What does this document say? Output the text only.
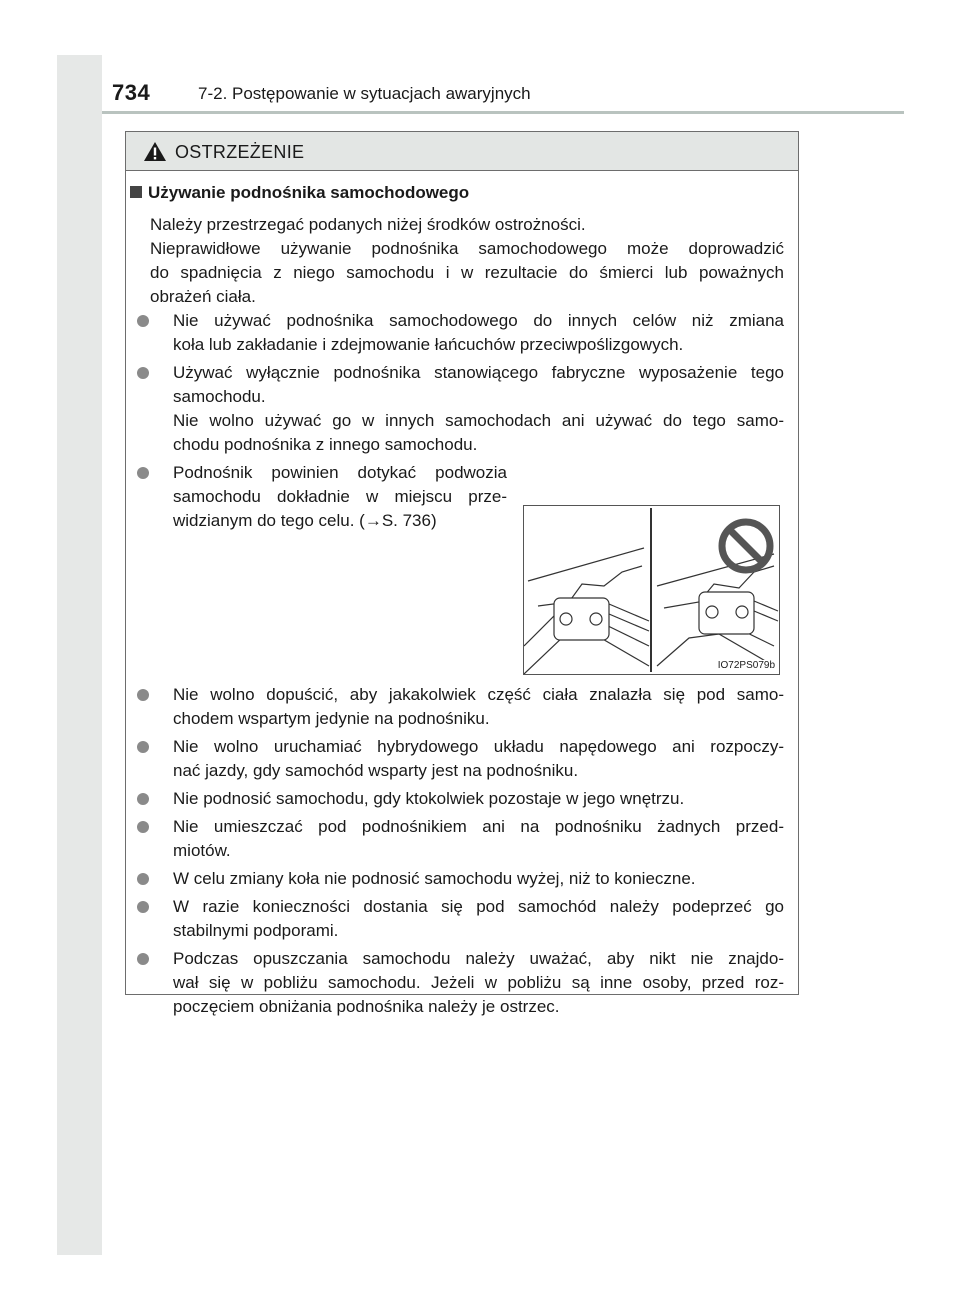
734	7-2. Postępowanie w sytuacjach awaryjnych
OSTRZEŻENIE
Używanie podnośnika samochodowego
Należy przestrzegać podanych niżej środków ostrożności.
Nieprawidłowe używanie podnośnika samochodowego może doprowadzić
do spadnięcia z niego samochodu i w rezultacie do śmierci lub poważnych
obrażeń ciała.
Nie używać podnośnika samochodowego do innych celów niż zmiana
koła lub zakładanie i zdejmowanie łańcuchów przeciwpoślizgowych.
Używać wyłącznie podnośnika stanowiącego fabryczne wyposażenie tego
samochodu.
Nie wolno używać go w innych samochodach ani używać do tego samo-
chodu podnośnika z innego samochodu.
Podnośnik powinien dotykać podwozia
samochodu dokładnie w miejscu prze-
widzianym do tego celu. (→S. 736)
IO72PS079b
Nie wolno dopuścić, aby jakakolwiek część ciała znalazła się pod samo-
chodem wspartym jedynie na podnośniku.
Nie wolno uruchamiać hybrydowego układu napędowego ani rozpoczy-
nać jazdy, gdy samochód wsparty jest na podnośniku.
Nie podnosić samochodu, gdy ktokolwiek pozostaje w jego wnętrzu.
Nie umieszczać pod podnośnikiem ani na podnośniku żadnych przed-
miotów.
W celu zmiany koła nie podnosić samochodu wyżej, niż to konieczne.
W razie konieczności dostania się pod samochód należy podeprzeć go
stabilnymi podporami.
Podczas opuszczania samochodu należy uważać, aby nikt nie znajdo-
wał się w pobliżu samochodu. Jeżeli w pobliżu są inne osoby, przed roz-
poczęciem obniżania podnośnika należy je ostrzec.
